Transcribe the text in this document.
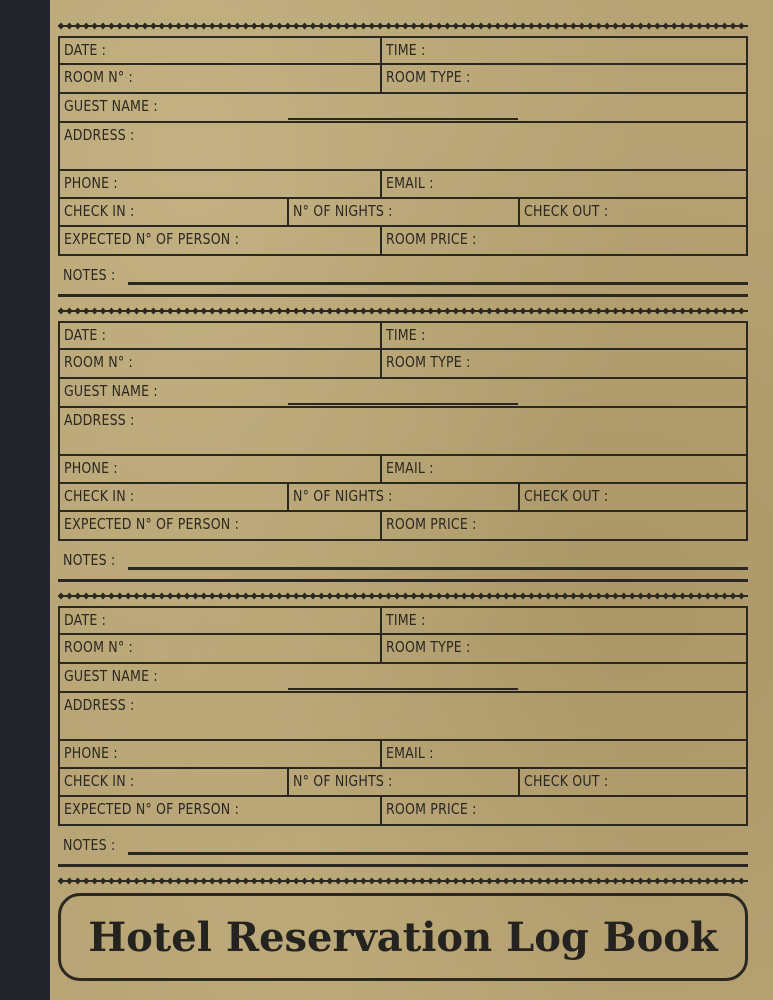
DATE :	TIME :
ROOM N° :	ROOM TYPE :
GUEST NAME :
ADDRESS :
PHONE :	EMAIL :
CHECK IN :	N° OF NIGHTS :	CHECK OUT :
EXPECTED N° OF PERSON :	ROOM PRICE :
NOTES :
DATE :	TIME :
ROOM N° :	ROOM TYPE :
GUEST NAME :
ADDRESS :
PHONE :	EMAIL :
CHECK IN :	N° OF NIGHTS :	CHECK OUT :
EXPECTED N° OF PERSON :	ROOM PRICE :
NOTES :
DATE :	TIME :
ROOM N° :	ROOM TYPE :
GUEST NAME :
ADDRESS :
PHONE :	EMAIL :
CHECK IN :	N° OF NIGHTS :	CHECK OUT :
EXPECTED N° OF PERSON :	ROOM PRICE :
NOTES :
Hotel Reservation Log Book
